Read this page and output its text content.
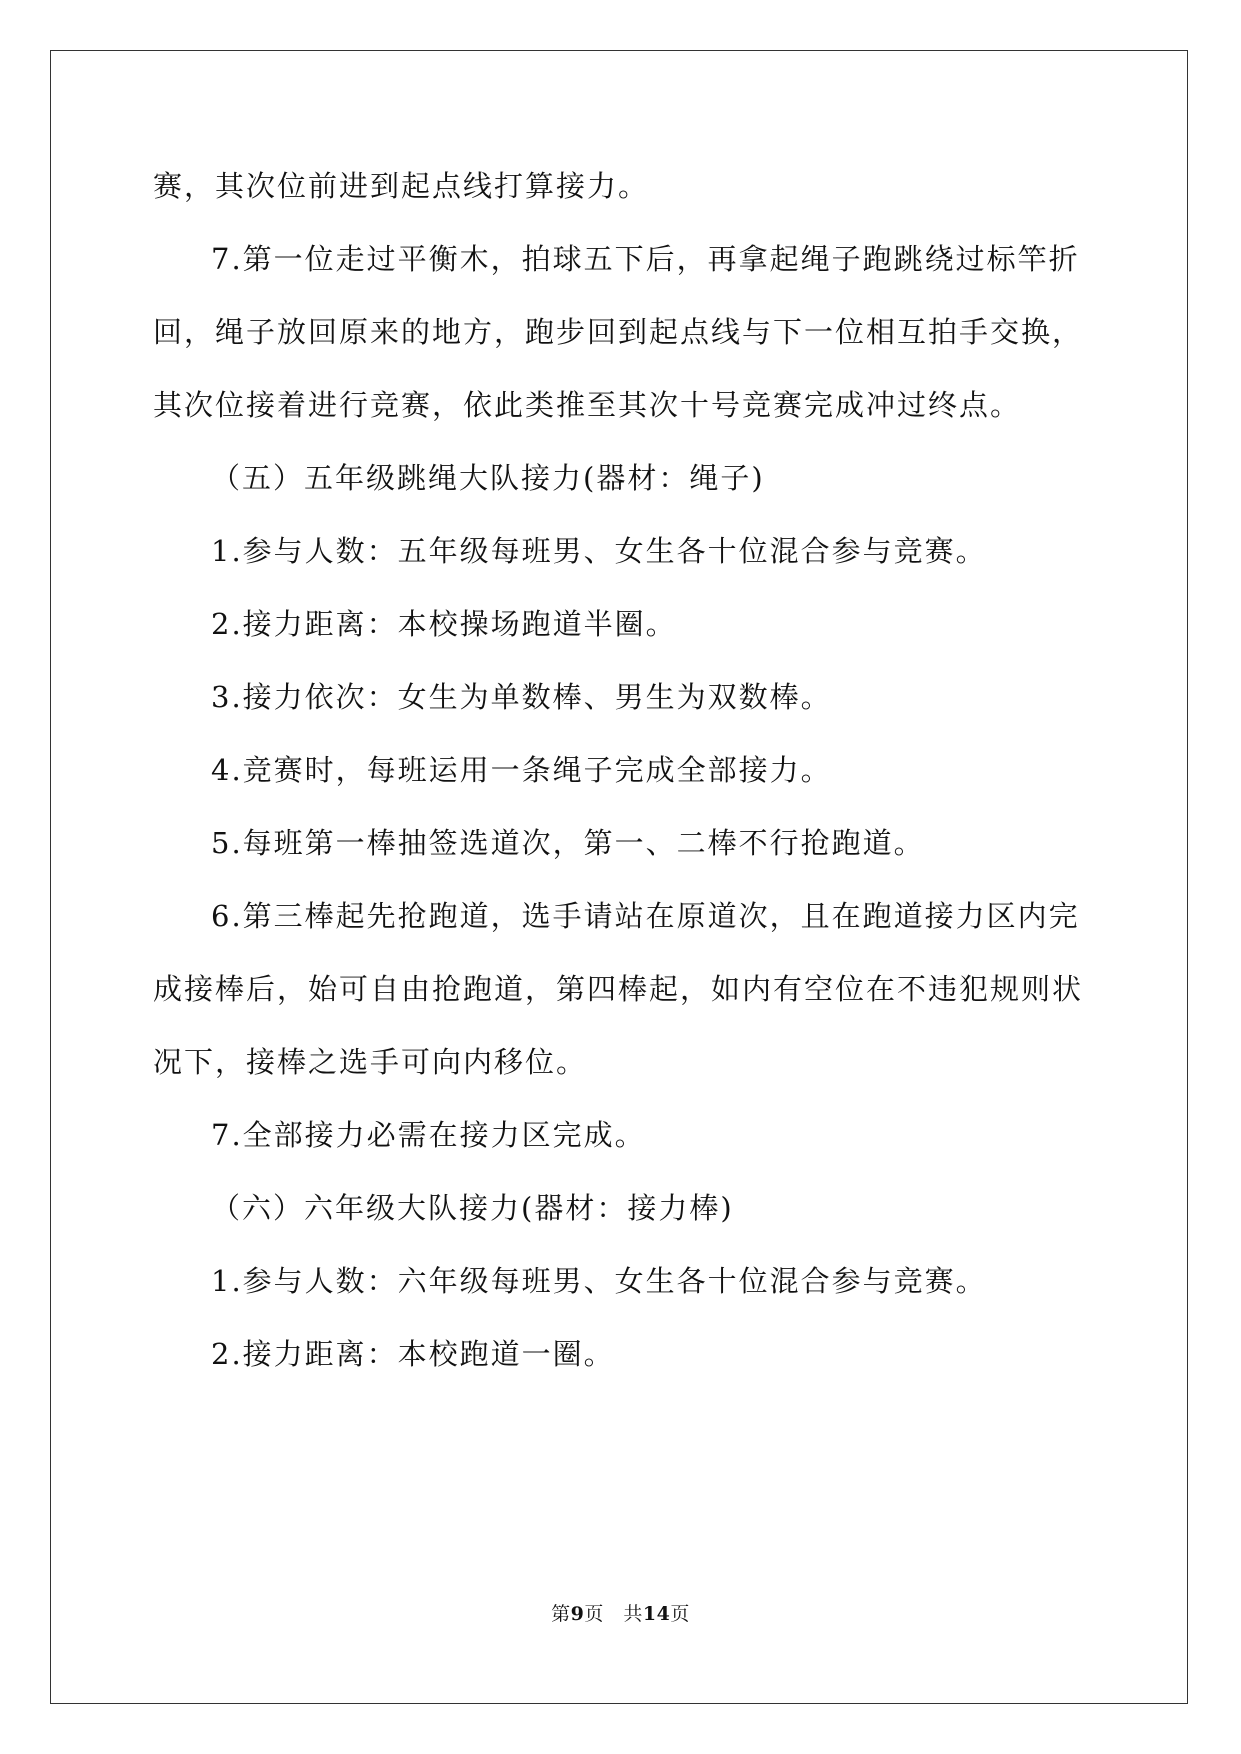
赛，其次位前进到起点线打算接力。
7.第一位走过平衡木，拍球五下后，再拿起绳子跑跳绕过标竿折
回，绳子放回原来的地方，跑步回到起点线与下一位相互拍手交换，
其次位接着进行竞赛，依此类推至其次十号竞赛完成冲过终点。
（五）五年级跳绳大队接力(器材：绳子)
1.参与人数：五年级每班男、女生各十位混合参与竞赛。
2.接力距离：本校操场跑道半圈。
3.接力依次：女生为单数棒、男生为双数棒。
4.竞赛时，每班运用一条绳子完成全部接力。
5.每班第一棒抽签选道次，第一、二棒不行抢跑道。
6.第三棒起先抢跑道，选手请站在原道次，且在跑道接力区内完
成接棒后，始可自由抢跑道，第四棒起，如内有空位在不违犯规则状
况下，接棒之选手可向内移位。
7.全部接力必需在接力区完成。
（六）六年级大队接力(器材：接力棒)
1.参与人数：六年级每班男、女生各十位混合参与竞赛。
2.接力距离：本校跑道一圈。
第9页　共14页
